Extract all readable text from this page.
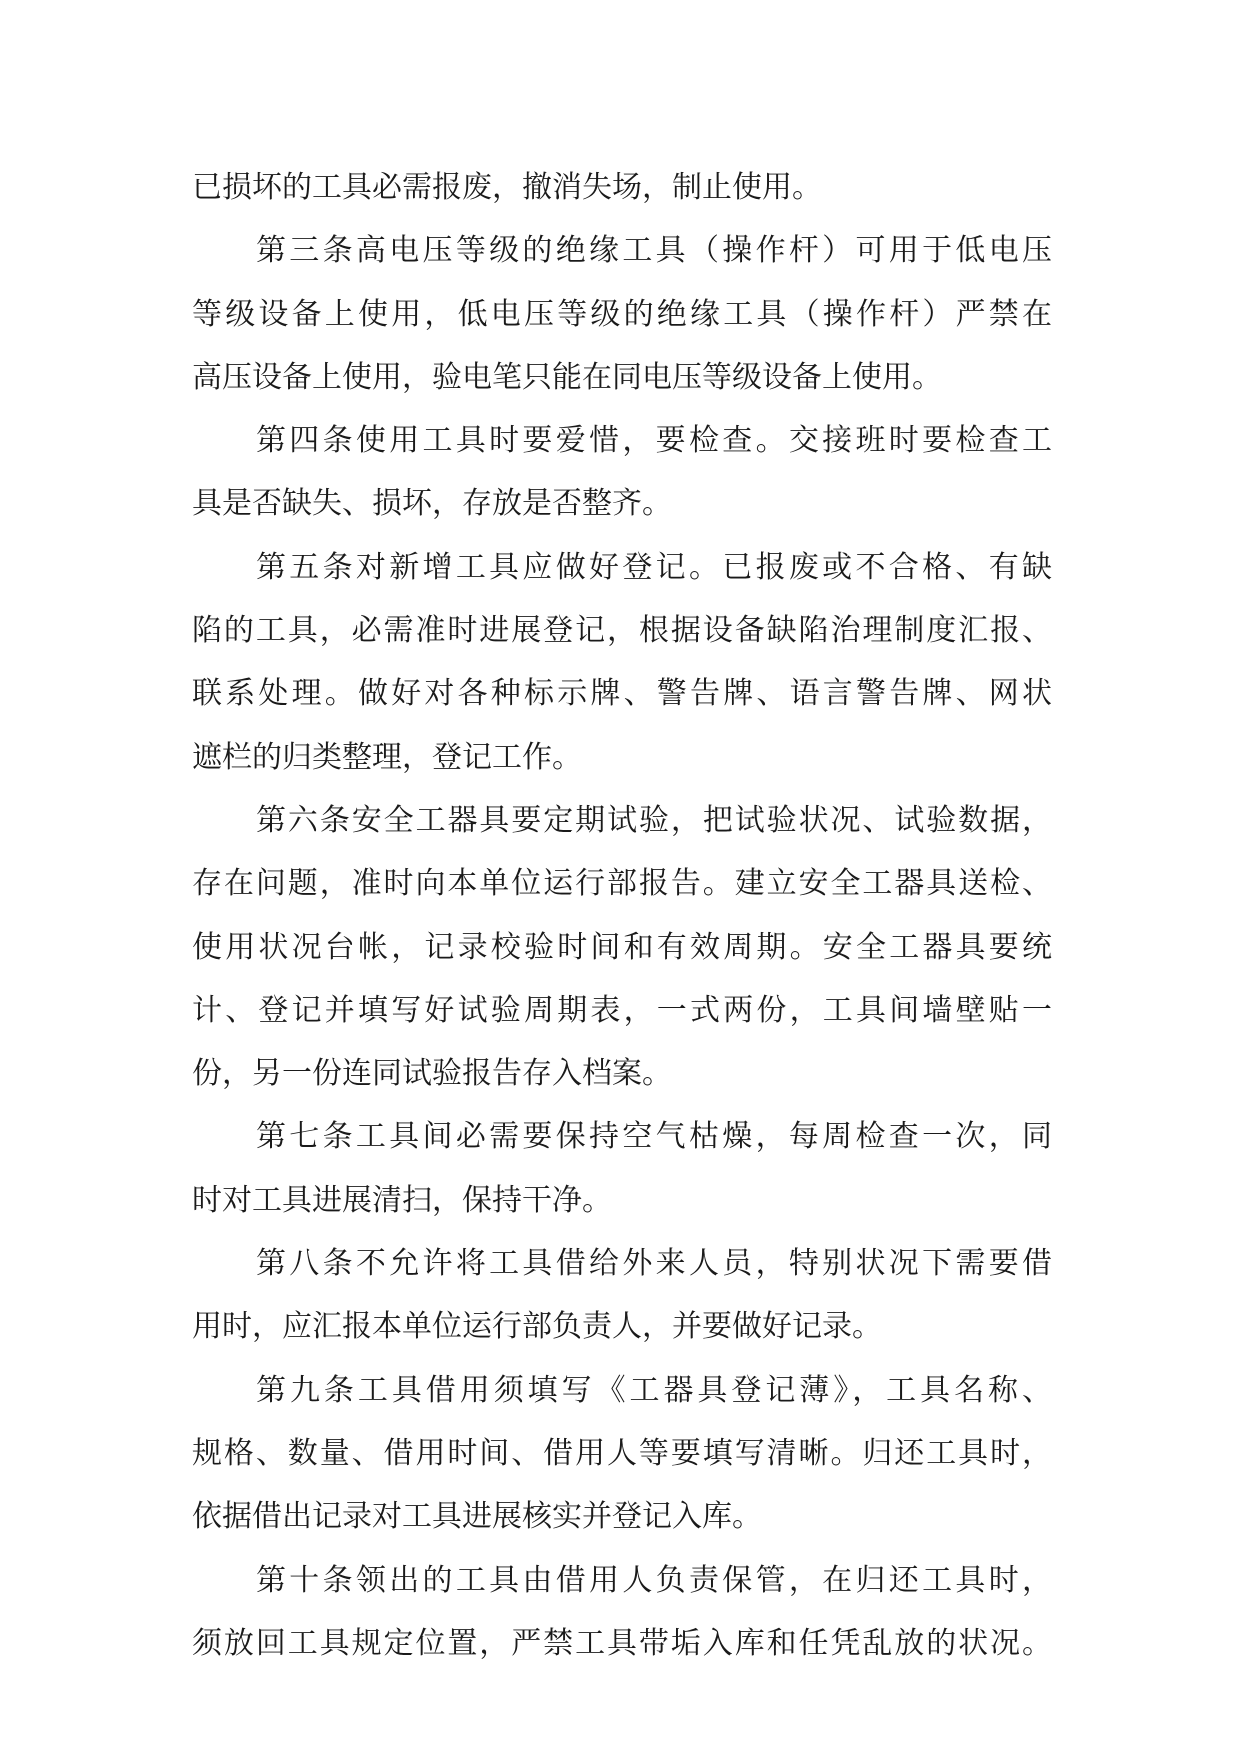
已损坏的工具必需报废，撤消失场，制止使用。
第三条高电压等级的绝缘工具（操作杆）可用于低电压
等级设备上使用，低电压等级的绝缘工具（操作杆）严禁在
高压设备上使用，验电笔只能在同电压等级设备上使用。
第四条使用工具时要爱惜，要检查。交接班时要检查工
具是否缺失、损坏，存放是否整齐。
第五条对新增工具应做好登记。已报废或不合格、有缺
陷的工具，必需准时进展登记，根据设备缺陷治理制度汇报、
联系处理。做好对各种标示牌、警告牌、语言警告牌、网状
遮栏的归类整理，登记工作。
第六条安全工器具要定期试验，把试验状况、试验数据，
存在问题，准时向本单位运行部报告。建立安全工器具送检、
使用状况台帐，记录校验时间和有效周期。安全工器具要统
计、登记并填写好试验周期表，一式两份，工具间墙壁贴一
份，另一份连同试验报告存入档案。
第七条工具间必需要保持空气枯燥，每周检查一次，同
时对工具进展清扫，保持干净。
第八条不允许将工具借给外来人员，特别状况下需要借
用时，应汇报本单位运行部负责人，并要做好记录。
第九条工具借用须填写《工器具登记薄》，工具名称、
规格、数量、借用时间、借用人等要填写清晰。归还工具时，
依据借出记录对工具进展核实并登记入库。
第十条领出的工具由借用人负责保管，在归还工具时，
须放回工具规定位置，严禁工具带垢入库和任凭乱放的状况。
